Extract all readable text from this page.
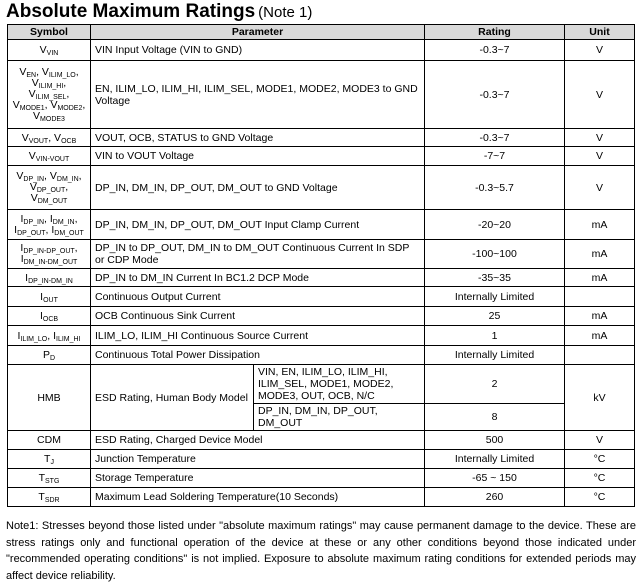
Absolute Maximum Ratings (Note 1)
Symbol	Parameter		Rating	Unit
$V_{VIN}$	VIN Input Voltage (VIN to GND)		-0.3~7	V

$V_{EN}$, $V_{ILIM\_LO}$,
$V_{ILIM\_HI}$,
$V_{ILIM\_SEL}$,
$V_{MODE1}$, $V_{MODE2}$,
$V_{MODE3}$	EN, ILIM_LO, ILIM_HI, ILIM_SEL, MODE1, MODE2, MODE3 to GND Voltage		-0.3~7	V
$V_{VOUT}$, $V_{OCB}$	VOUT, OCB, STATUS to GND Voltage		-0.3~7	V
$V_{VIN-VOUT}$	VIN to VOUT Voltage		-7~7	V

$V_{DP\_IN}$, $V_{DM\_IN}$,
$V_{DP\_OUT}$,
$V_{DM\_OUT}$	DP_IN, DM_IN, DP_OUT, DM_OUT to GND Voltage		-0.3~5.7	V

$I_{DP\_IN}$, $I_{DM\_IN}$,
$I_{DP\_OUT}$, $I_{DM\_OUT}$	DP_IN, DM_IN, DP_OUT, DM_OUT Input Clamp Current		-20~20	mA

$I_{DP\_IN-DP\_OUT}$,
$I_{DM\_IN-DM\_OUT}$	DP_IN to DP_OUT, DM_IN to DM_OUT Continuous Current In SDP or CDP Mode		-100~100	mA
$I_{DP\_IN-DM\_IN}$	DP_IN to DM_IN Current In BC1.2 DCP Mode		-35~35	mA
$I_{OUT}$	Continuous Output Current		Internally Limited	
$I_{OCB}$	OCB Continuous Sink Current		25	mA
$I_{ILIM\_LO}$, $I_{ILIM\_HI}$	ILIM_LO, ILIM_HI Continuous Source Current		1	mA
$P_D$	Continuous Total Power Dissipation		Internally Limited	
HMB	ESD Rating, Human Body Model	VIN, EN, ILIM_LO, ILIM_HI, ILIM_SEL, MODE1, MODE2, MODE3, OUT, OCB, N/C	2	kV
		DP_IN, DM_IN, DP_OUT, DM_OUT	8	
CDM	ESD Rating, Charged Device Model		500	V
$T_J$	Junction Temperature		Internally Limited	°C
$T_{STG}$	Storage Temperature		-65 ~ 150	°C
$T_{SDR}$	Maximum Lead Soldering Temperature(10 Seconds)		260	°C
Note1: Stresses beyond those listed under "absolute maximum ratings" may cause permanent damage to the device. These are stress ratings only and functional operation of the device at these or any other conditions beyond those indicated under "recommended operating conditions" is not implied. Exposure to absolute maximum rating conditions for extended periods may affect device reliability.
